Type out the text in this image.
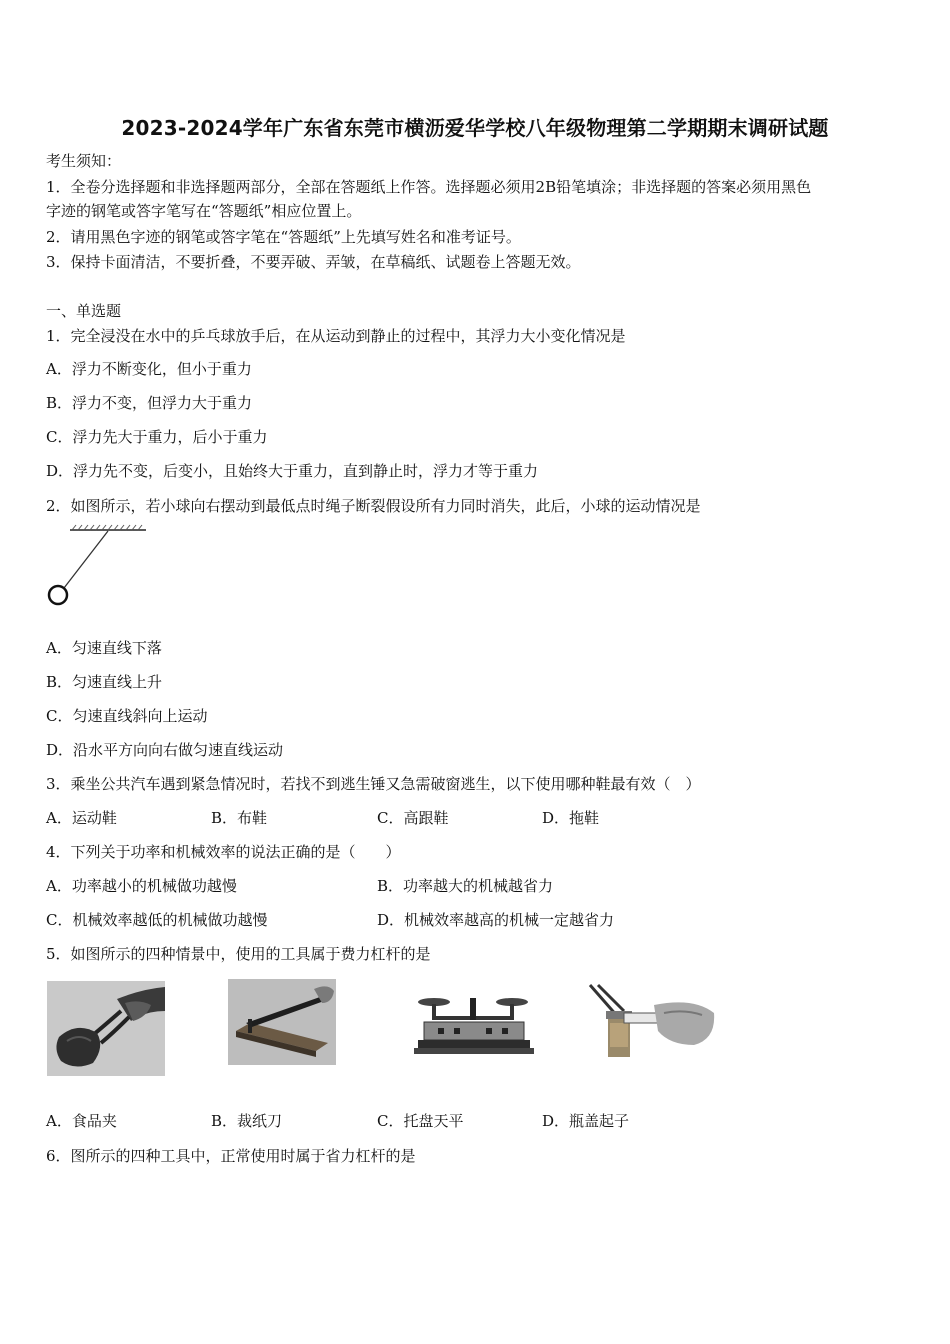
2023-2024学年广东省东莞市横沥爱华学校八年级物理第二学期期末调研试题
考生须知：
1．全卷分选择题和非选择题两部分，全部在答题纸上作答。选择题必须用2B铅笔填涂；非选择题的答案必须用黑色
字迹的钢笔或答字笔写在“答题纸”相应位置上。
2．请用黑色字迹的钢笔或答字笔在“答题纸”上先填写姓名和准考证号。
3．保持卡面清洁，不要折叠，不要弄破、弄皱，在草稿纸、试题卷上答题无效。
一、单选题
1．完全浸没在水中的乒乓球放手后，在从运动到静止的过程中，其浮力大小变化情况是
A．浮力不断变化，但小于重力
B．浮力不变，但浮力大于重力
C．浮力先大于重力，后小于重力
D．浮力先不变，后变小，且始终大于重力，直到静止时，浮力才等于重力
2．如图所示，若小球向右摆动到最低点时绳子断裂假设所有力同时消失，此后，小球的运动情况是
A．匀速直线下落
B．匀速直线上升
C．匀速直线斜向上运动
D．沿水平方向向右做匀速直线运动
3．乘坐公共汽车遇到紧急情况时，若找不到逃生锤又急需破窗逃生，以下使用哪种鞋最有效（　）
A．运动鞋	B．布鞋	C．高跟鞋	D．拖鞋
4．下列关于功率和机械效率的说法正确的是（　　）
A．功率越小的机械做功越慢	B．功率越大的机械越省力
C．机械效率越低的机械做功越慢	D．机械效率越高的机械一定越省力
5．如图所示的四种情景中，使用的工具属于费力杠杆的是
A．食品夹	B．裁纸刀	C．托盘天平	D．瓶盖起子
6．图所示的四种工具中，正常使用时属于省力杠杆的是
